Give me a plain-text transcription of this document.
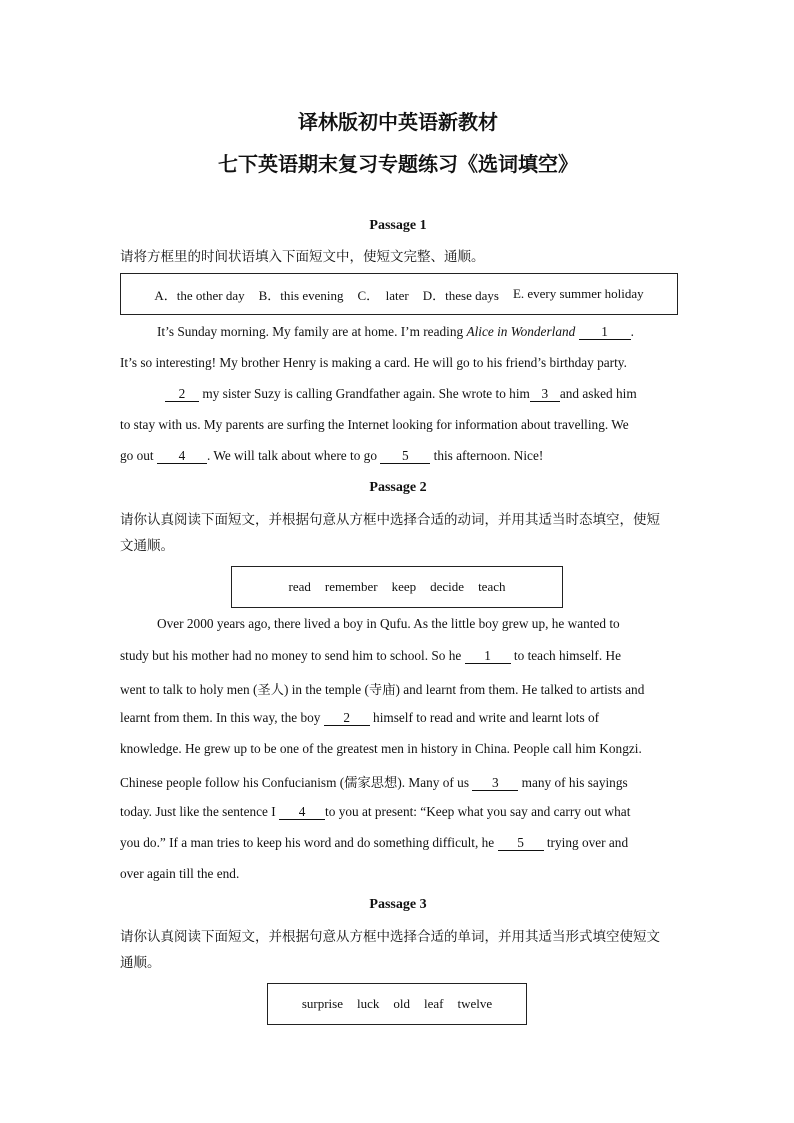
译林版初中英语新教材
七下英语期末复习专题练习《选词填空》
Passage 1
请将方框里的时间状语填入下面短文中，使短文完整、通顺。
A．the other day B．this evening C．  later D．these days E. every summer holiday
It’s Sunday morning. My family are at home. I’m reading Alice in Wonderland 1 .
It’s so interesting! My brother Henry is making a card. He will go to his friend’s birthday party.
2 my sister Suzy is calling Grandfather again. She wrote to him 3 and asked him
to stay with us. My parents are surfing the Internet looking for information about travelling. We
go out 4 . We will talk about where to go 5 this afternoon. Nice!
Passage 2
请你认真阅读下面短文，并根据句意从方框中选择合适的动词，并用其适当时态填空，使短
文通顺。
read remember keep decide teach
Over 2000 years ago, there lived a boy in Qufu. As the little boy grew up, he wanted to
study but his mother had no money to send him to school. So he 1 to teach himself. He
went to talk to holy men (圣人) in the temple (寺庙) and learnt from them. He talked to artists and
learnt from them. In this way, the boy 2 himself to read and write and learnt lots of
knowledge. He grew up to be one of the greatest men in history in China. People call him Kongzi.
Chinese people follow his Confucianism (儒家思想). Many of us 3 many of his sayings
today. Just like the sentence I 4 to you at present: “Keep what you say and carry out what
you do.” If a man tries to keep his word and do something difficult, he 5 trying over and
over again till the end.
Passage 3
请你认真阅读下面短文，并根据句意从方框中选择合适的单词，并用其适当形式填空使短文
通顺。
surprise luck old leaf twelve
